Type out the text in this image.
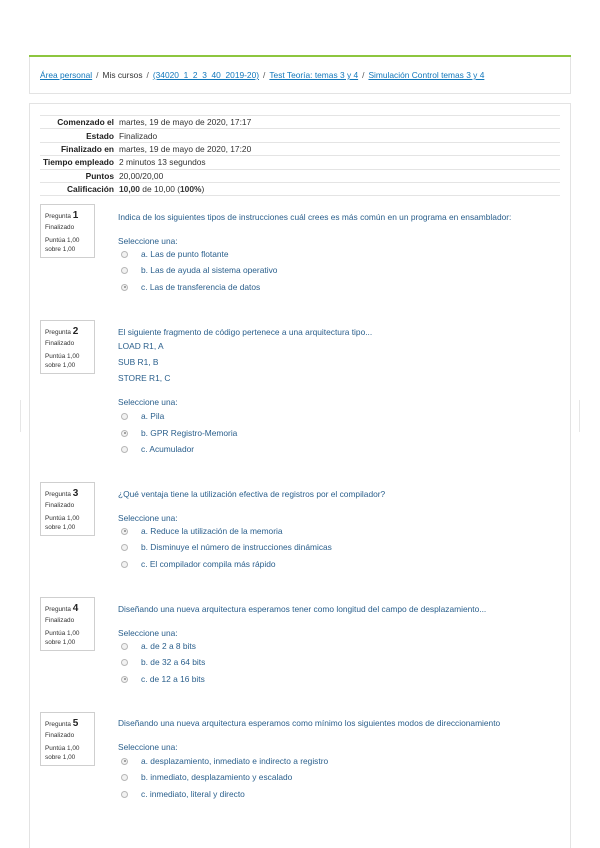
Área personal / Mis cursos / (34020_1_2_3_40_2019-20) / Test Teoría: temas 3 y 4 / Simulación Control temas 3 y 4
Comenzado el	martes, 19 de mayo de 2020, 17:17
Estado	Finalizado
Finalizado en	martes, 19 de mayo de 2020, 17:20
Tiempo empleado	2 minutos 13 segundos
Puntos	20,00/20,00
Calificación	10,00 de 10,00 (100%)
Pregunta 1
Finalizado
Puntúa 1,00
sobre 1,00
Indica de los siguientes tipos de instrucciones cuál crees es más común en un programa en ensamblador:
Seleccione una:
a. Las de punto flotante
b. Las de ayuda al sistema operativo
c. Las de transferencia de datos
Pregunta 2
Finalizado
Puntúa 1,00
sobre 1,00
El siguiente fragmento de código pertenece a una arquitectura tipo...
LOAD R1, A
SUB R1, B
STORE R1, C
Seleccione una:
a. Pila
b. GPR Registro-Memoria
c. Acumulador
Pregunta 3
Finalizado
Puntúa 1,00
sobre 1,00
¿Qué ventaja tiene la utilización efectiva de registros por el compilador?
Seleccione una:
a. Reduce la utilización de la memoria
b. Disminuye el número de instrucciones dinámicas
c. El compilador compila más rápido
Pregunta 4
Finalizado
Puntúa 1,00
sobre 1,00
Diseñando una nueva arquitectura esperamos tener como longitud del campo de desplazamiento...
Seleccione una:
a. de 2 a 8 bits
b. de 32 a 64 bits
c. de 12 a 16 bits
Pregunta 5
Finalizado
Puntúa 1,00
sobre 1,00
Diseñando una nueva arquitectura esperamos como mínimo los siguientes modos de direccionamiento
Seleccione una:
a. desplazamiento, inmediato e indirecto a registro
b. inmediato, desplazamiento y escalado
c. inmediato, literal y directo
